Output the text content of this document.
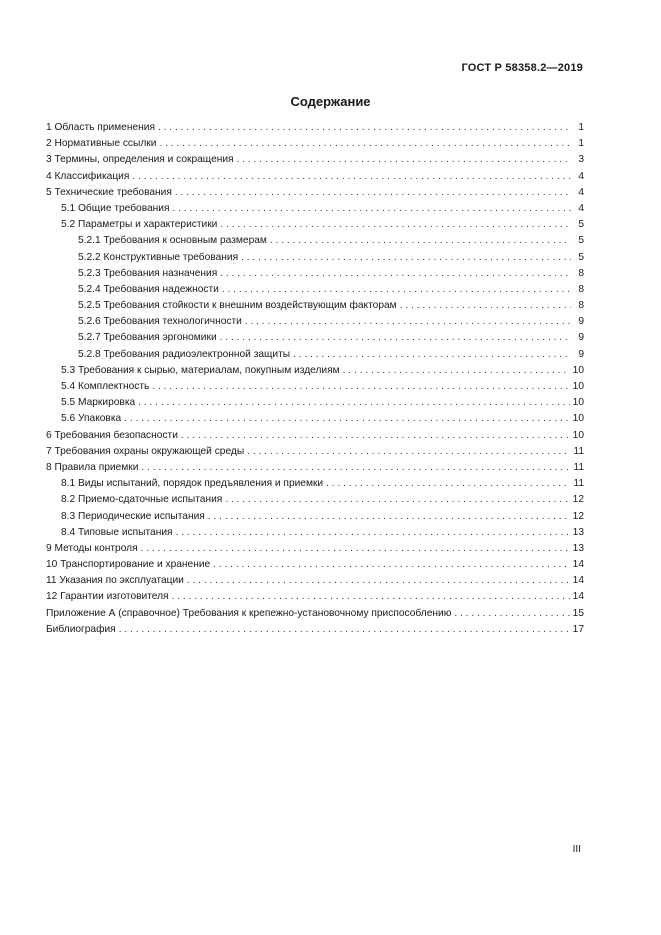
ГОСТ Р 58358.2—2019
Содержание
1 Область применения . . .	1
2 Нормативные ссылки . . .	1
3 Термины, определения и сокращения . . .	3
4 Классификация . . .	4
5 Технические требования . . .	4
5.1 Общие требования . . .	4
5.2 Параметры и характеристики . . .	5
5.2.1 Требования к основным размерам . . .	5
5.2.2 Конструктивные требования . . .	5
5.2.3 Требования назначения . . .	8
5.2.4 Требования надежности . . .	8
5.2.5 Требования стойкости к внешним воздействующим факторам . . .	8
5.2.6 Требования технологичности . . .	9
5.2.7 Требования эргономики . . .	9
5.2.8 Требования радиоэлектронной защиты . . .	9
5.3 Требования к сырью, материалам, покупным изделиям . . .	10
5.4 Комплектность . . .	10
5.5 Маркировка . . .	10
5.6 Упаковка . . .	10
6 Требования безопасности . . .	10
7 Требования охраны окружающей среды . . .	11
8 Правила приемки . . .	11
8.1 Виды испытаний, порядок предъявления и приемки . . .	11
8.2 Приемо-сдаточные испытания . . .	12
8.3 Периодические испытания . . .	12
8.4 Типовые испытания . . .	13
9 Методы контроля . . .	13
10 Транспортирование и хранение . . .	14
11 Указания по эксплуатации . . .	14
12 Гарантии изготовителя . . .	14
Приложение А (справочное) Требования к крепежно-установочному приспособлению . . .	15
Библиография . . .	17
III
